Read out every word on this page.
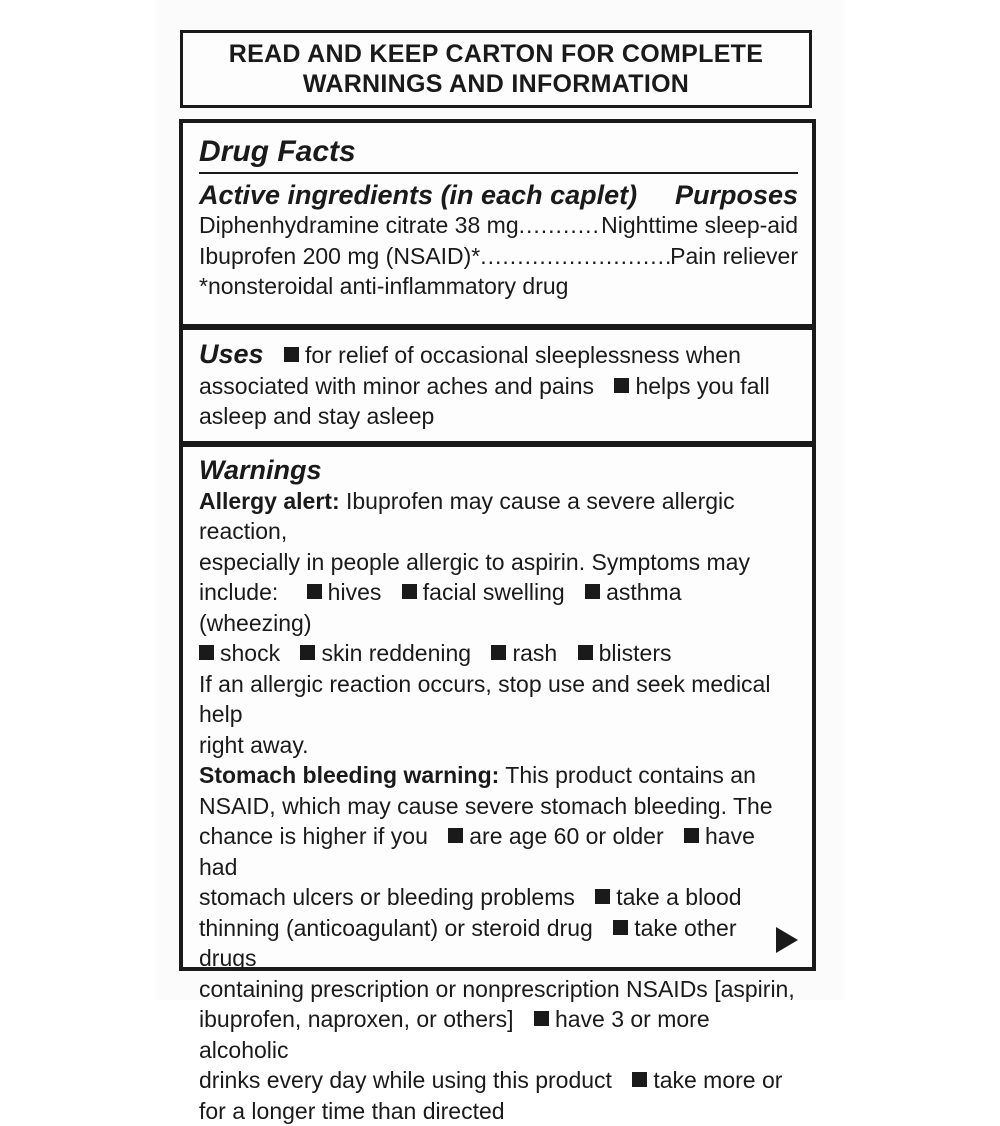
READ AND KEEP CARTON FOR COMPLETE
WARNINGS AND INFORMATION
Drug Facts
Active ingredients (in each caplet) Purposes
Diphenhydramine citrate 38 mg .....	Nighttime sleep-aid
Ibuprofen 200 mg (NSAID)* .....	Pain reliever
*nonsteroidal anti-inflammatory drug
Uses for relief of occasional sleeplessness when
associated with minor aches and pains helps you fall
asleep and stay asleep
Warnings
Allergy alert: Ibuprofen may cause a severe allergic reaction,
especially in people allergic to aspirin. Symptoms may
include: hives facial swelling asthma (wheezing)
shock skin reddening rash blisters
If an allergic reaction occurs, stop use and seek medical help
right away.
Stomach bleeding warning: This product contains an
NSAID, which may cause severe stomach bleeding. The
chance is higher if you are age 60 or older have had
stomach ulcers or bleeding problems take a blood
thinning (anticoagulant) or steroid drug take other drugs
containing prescription or nonprescription NSAIDs [aspirin,
ibuprofen, naproxen, or others] have 3 or more alcoholic
drinks every day while using this product take more or
for a longer time than directed
